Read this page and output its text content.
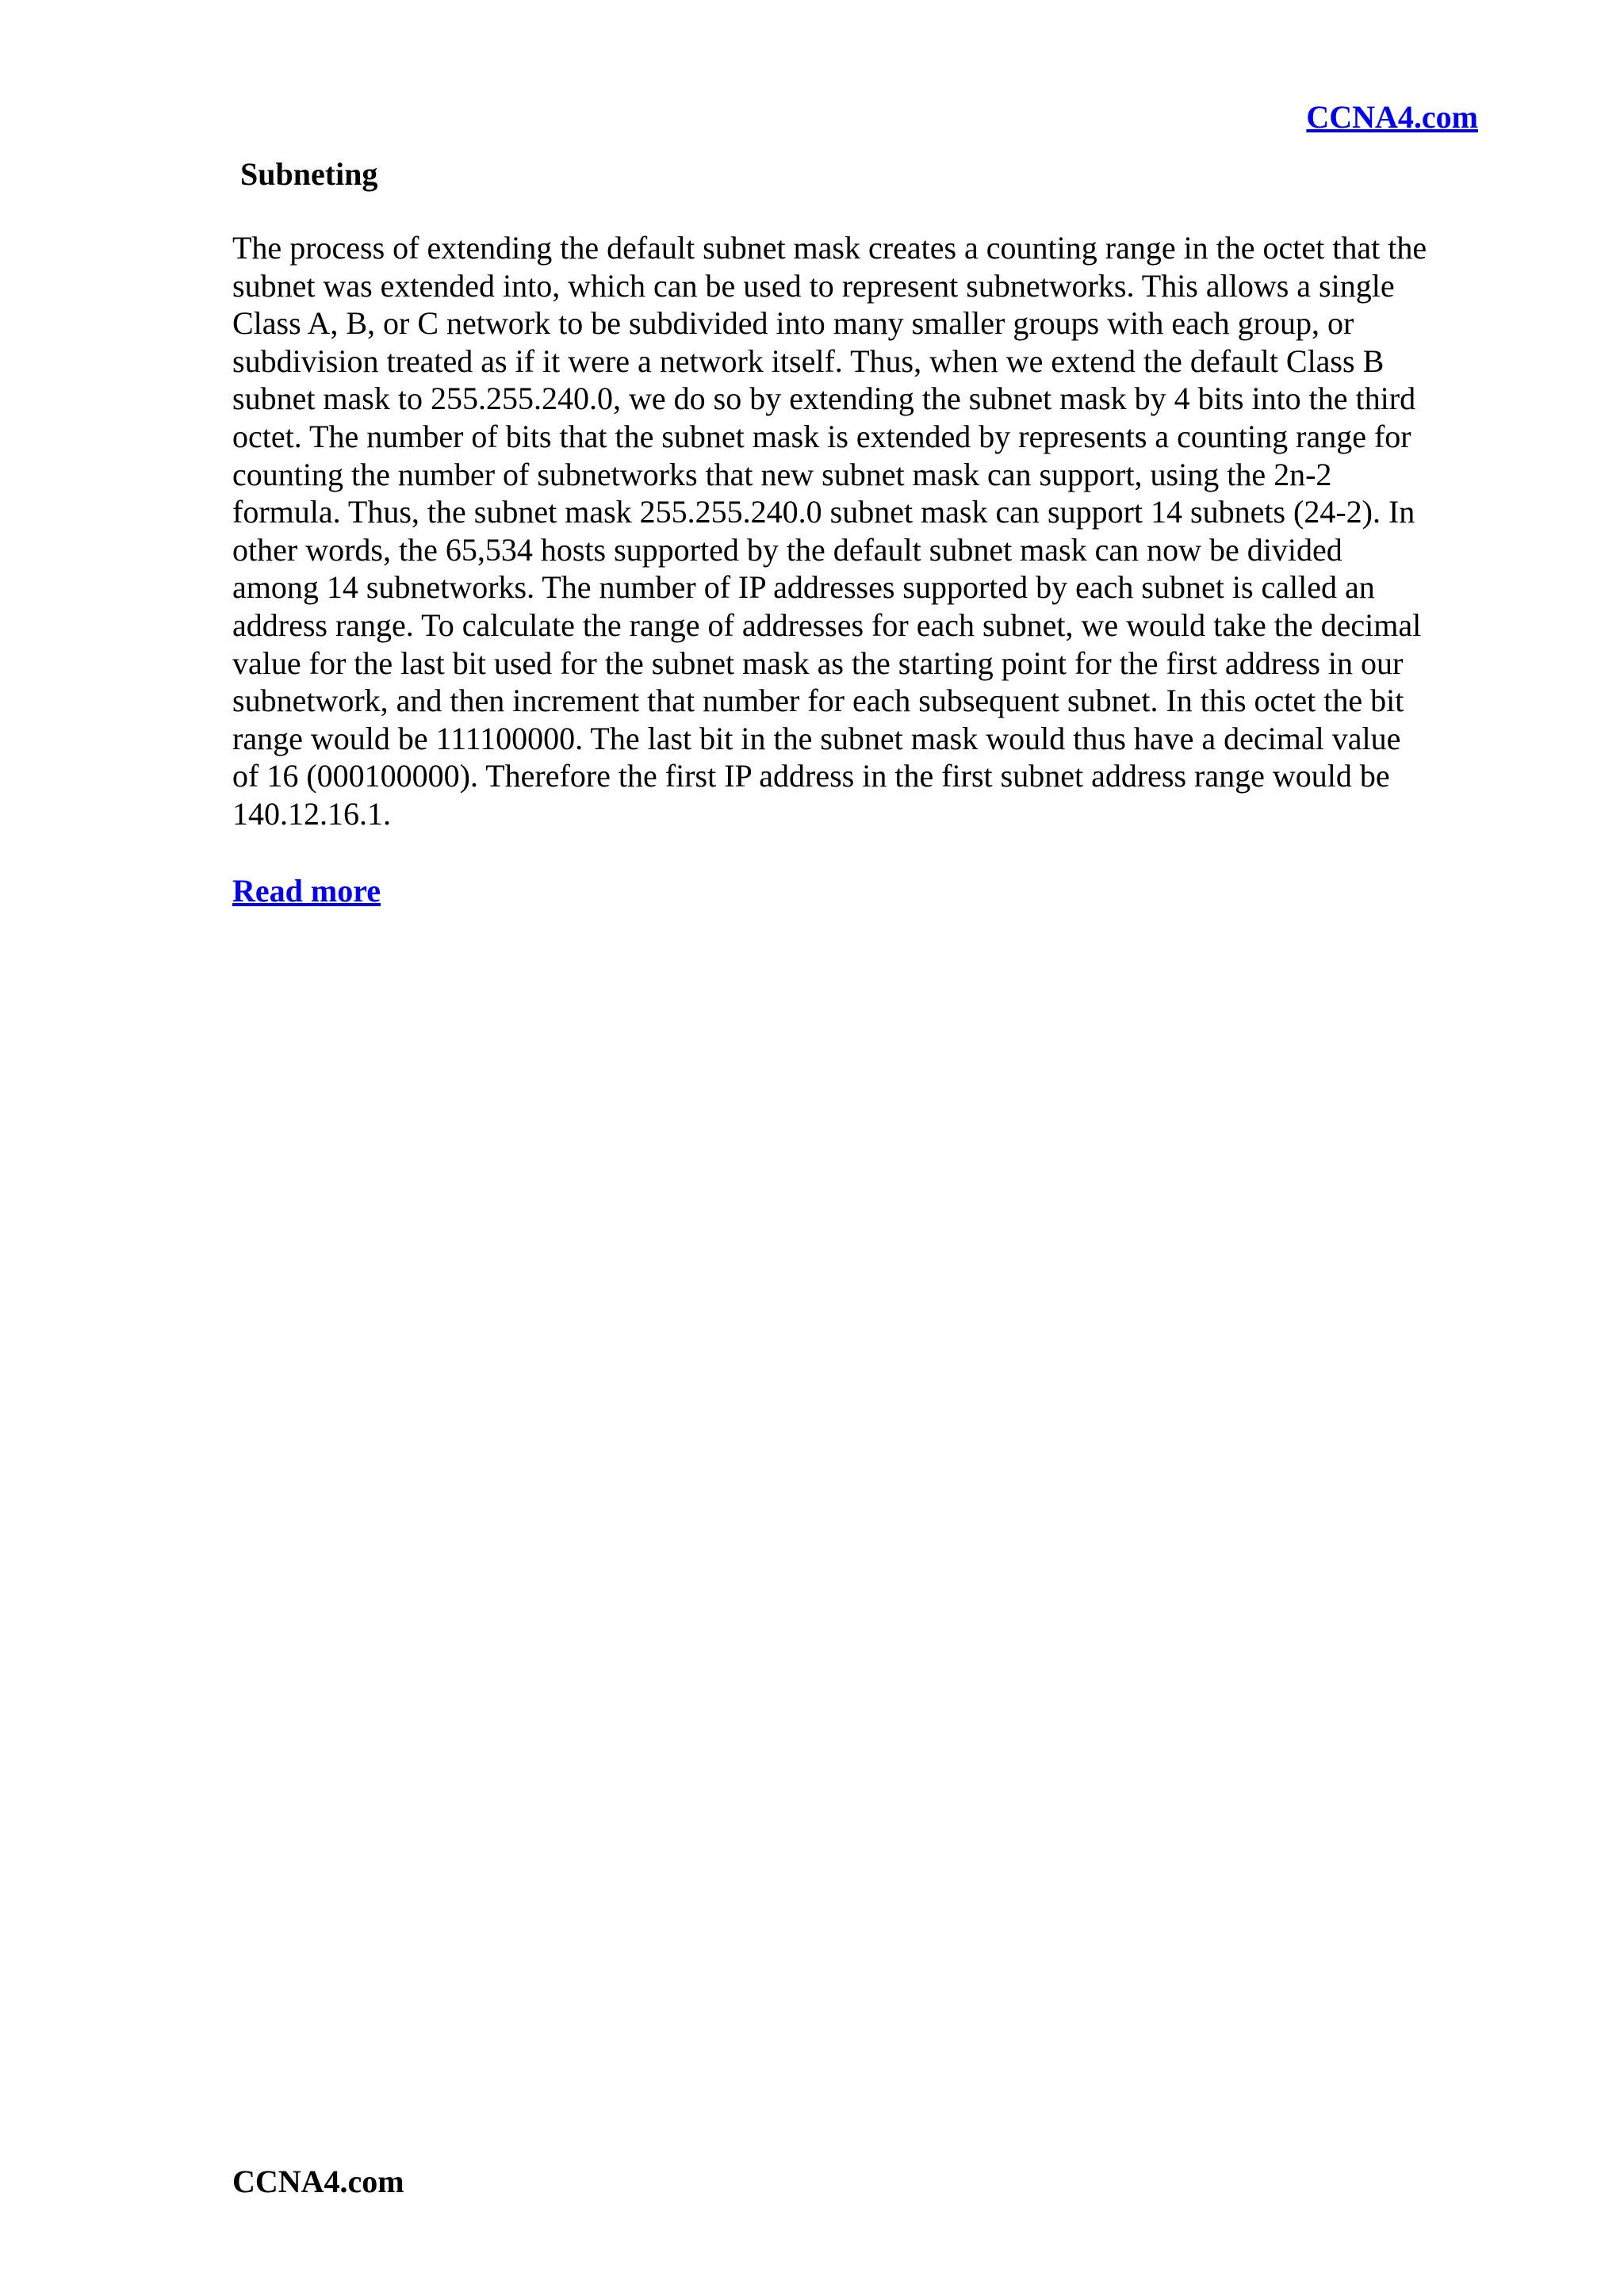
CCNA4.com
Subneting

The process of extending the default subnet mask creates a counting range in the octet that the
subnet was extended into, which can be used to represent subnetworks. This allows a single
Class A, B, or C network to be subdivided into many smaller groups with each group, or
subdivision treated as if it were a network itself. Thus, when we extend the default Class B
subnet mask to 255.255.240.0, we do so by extending the subnet mask by 4 bits into the third
octet. The number of bits that the subnet mask is extended by represents a counting range for
counting the number of subnetworks that new subnet mask can support, using the 2n-2
formula. Thus, the subnet mask 255.255.240.0 subnet mask can support 14 subnets (24-2). In
other words, the 65,534 hosts supported by the default subnet mask can now be divided
among 14 subnetworks. The number of IP addresses supported by each subnet is called an
address range. To calculate the range of addresses for each subnet, we would take the decimal
value for the last bit used for the subnet mask as the starting point for the first address in our
subnetwork, and then increment that number for each subsequent subnet. In this octet the bit
range would be 111100000. The last bit in the subnet mask would thus have a decimal value
of 16 (000100000). Therefore the first IP address in the first subnet address range would be
140.12.16.1.

Read more
CCNA4.com
